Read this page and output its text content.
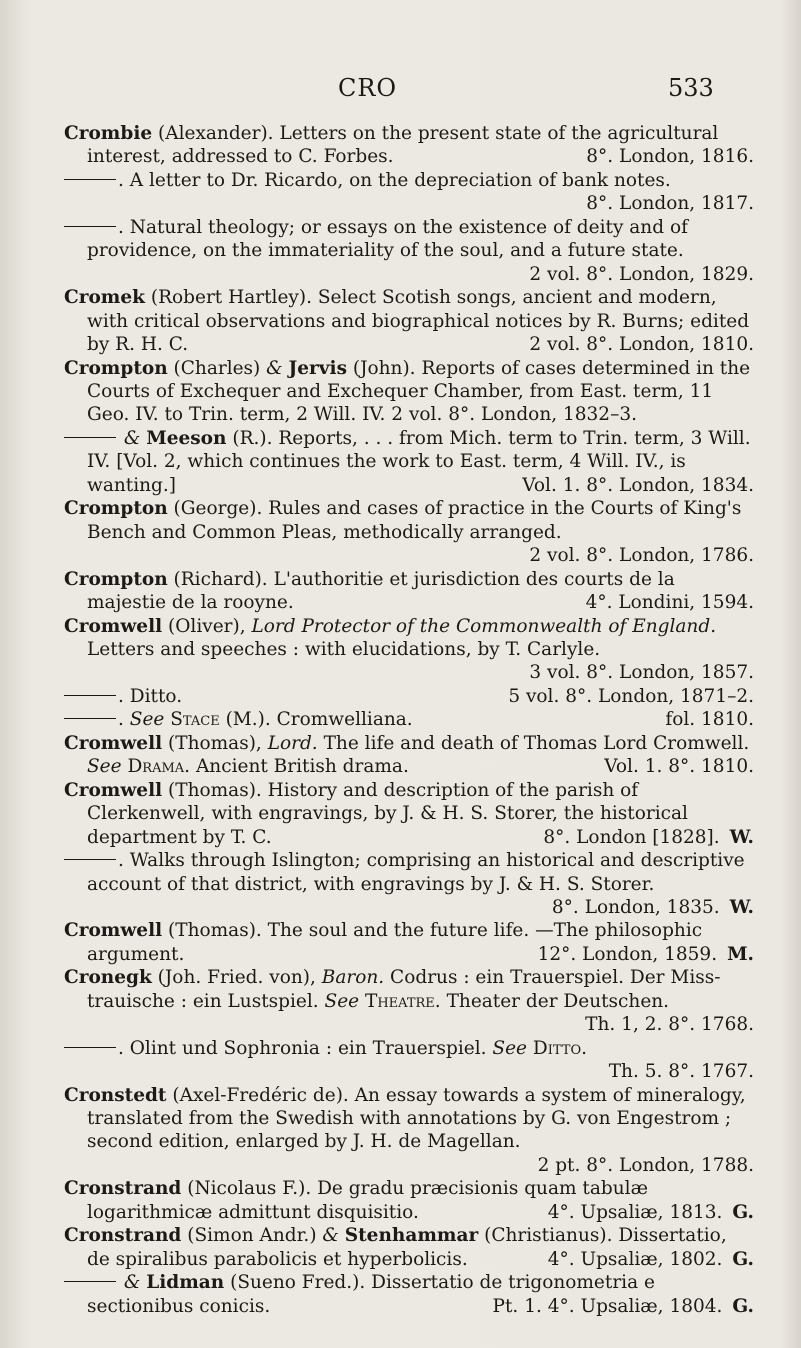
CRO	533

Crombie (Alexander). Letters on the present state of the agricultural interest, addressed to C. Forbes.	8°. London, 1816.

. A letter to Dr. Ricardo, on the depreciation of bank notes.
8°. London, 1817.

. Natural theology; or essays on the existence of deity and of providence, on the immateriality of the soul, and a future state.
2 vol. 8°. London, 1829.

Cromek (Robert Hartley). Select Scotish songs, ancient and modern, with critical observations and biographical notices by R. Burns; edited by R. H. C.	2 vol. 8°. London, 1810.

Crompton (Charles) & Jervis (John). Reports of cases determined in the Courts of Exchequer and Exchequer Chamber, from East. term, 11 Geo. IV. to Trin. term, 2 Will. IV. 2 vol. 8°. London, 1832–3.

& Meeson (R.). Reports, . . . from Mich. term to Trin. term, 3 Will. IV. [Vol. 2, which continues the work to East. term, 4 Will. IV., is wanting.]	Vol. 1. 8°. London, 1834.

Crompton (George). Rules and cases of practice in the Courts of King's Bench and Common Pleas, methodically arranged.
2 vol. 8°. London, 1786.

Crompton (Richard). L'authoritie et jurisdiction des courts de la majestie de la rooyne.	4°. Londini, 1594.

Cromwell (Oliver), Lord Protector of the Commonwealth of England. Letters and speeches : with elucidations, by T. Carlyle.
3 vol. 8°. London, 1857.

. Ditto.	5 vol. 8°. London, 1871–2.

. See Stace (M.). Cromwelliana.	fol. 1810.

Cromwell (Thomas), Lord. The life and death of Thomas Lord Cromwell. See Drama. Ancient British drama.	Vol. 1. 8°. 1810.

Cromwell (Thomas). History and description of the parish of Clerkenwell, with engravings, by J. & H. S. Storer, the historical department by T. C.	8°. London [1828]. W.

. Walks through Islington; comprising an historical and descriptive account of that district, with engravings by J. & H. S. Storer.
8°. London, 1835. W.

Cromwell (Thomas). The soul and the future life. —The philosophic argument.	12°. London, 1859. M.

Cronegk (Joh. Fried. von), Baron. Codrus : ein Trauerspiel. Der Miss-trauische : ein Lustspiel. See Theatre. Theater der Deutschen.
Th. 1, 2. 8°. 1768.

. Olint und Sophronia : ein Trauerspiel. See Ditto.
Th. 5. 8°. 1767.

Cronstedt (Axel-Fredéric de). An essay towards a system of mineralogy, translated from the Swedish with annotations by G. von Engestrom ; second edition, enlarged by J. H. de Magellan.
2 pt. 8°. London, 1788.

Cronstrand (Nicolaus F.). De gradu præcisionis quam tabulæ logarithmicæ admittunt disquisitio.	4°. Upsaliæ, 1813. G.

Cronstrand (Simon Andr.) & Stenhammar (Christianus). Dissertatio, de spiralibus parabolicis et hyperbolicis.	4°. Upsaliæ, 1802. G.

& Lidman (Sueno Fred.). Dissertatio de trigonometria e sectionibus conicis.	Pt. 1. 4°. Upsaliæ, 1804. G.
